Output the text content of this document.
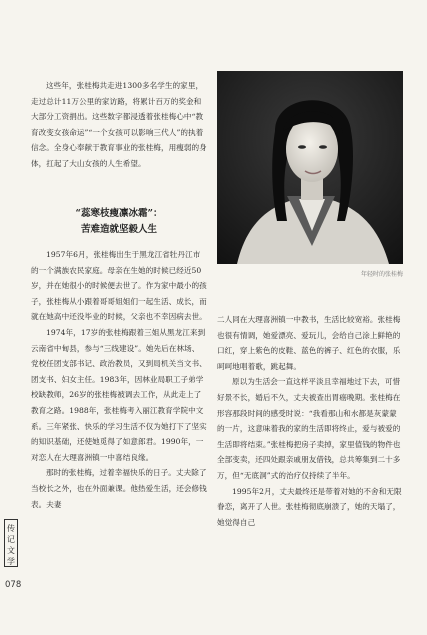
这些年，张桂梅共走进1300多名学生的家里，走过总计11万公里的家访路，将累计百万的奖金和大部分工资捐出。这些数字都浸透着张桂梅心中“教育改变女孩命运”“一个女孩可以影响三代人”的执着信念。全身心奉献于教育事业的张桂梅，用瘦弱的身体，扛起了大山女孩的人生希望。

年轻时的张桂梅
“蕊寒枝瘦凛冰霜”：
苦难造就坚毅人生

1957年6月，张桂梅出生于黑龙江省牡丹江市的一个满族农民家庭。母亲在生她的时候已经近50岁，并在她很小的时候便去世了。作为家中最小的孩子，张桂梅从小跟着哥哥姐姐们一起生活、成长，而就在她高中还没毕业的时候，父亲也不幸因病去世。

1974年，17岁的张桂梅跟着三姐从黑龙江来到云南省中甸县，参与“三线建设”。她先后在林场、党校任团支部书记、政治教员，又到局机关当文书、团支书、妇女主任。1983年，因林业局职工子弟学校缺教师，26岁的张桂梅被调去工作，从此走上了教育之路。1988年，张桂梅考入丽江教育学院中文系。三年紧张、快乐的学习生活不仅为她打下了坚实的知识基础，还使她觅得了如意郎君。1990年，一对恋人在大理喜洲镇一中喜结良缘。

那时的张桂梅，过着幸福快乐的日子。丈夫除了当校长之外，也在外面兼课。他热爱生活，还会修钱表。夫妻

二人同在大理喜洲镇一中教书，生活比较宽裕。张桂梅也很有情调，她爱漂亮、爱玩儿，会给自己涂上鲜艳的口红，穿上紫色的皮鞋、蓝色的裤子、红色的衣服，乐呵呵地唱着歌，跳起舞。

原以为生活会一直这样平淡且幸福地过下去，可惜好景不长，婚后不久，丈夫被查出胃癌晚期。张桂梅在形容那段时间的感受时说：“我看那山和水都是灰蒙蒙的一片，这意味着我的家的生活即将终止，爱与被爱的生活即将结束。”张桂梅把房子卖掉，家里值钱的物件也全部变卖，还四处跟亲戚朋友借钱，总共筹集到二十多万，但“无底洞”式的治疗仅持续了半年。

1995年2月，丈夫最终还是带着对她的不舍和无限眷恋，离开了人世。张桂梅彻底崩溃了，她的天塌了，她觉得自己

传
记
文
学
078
